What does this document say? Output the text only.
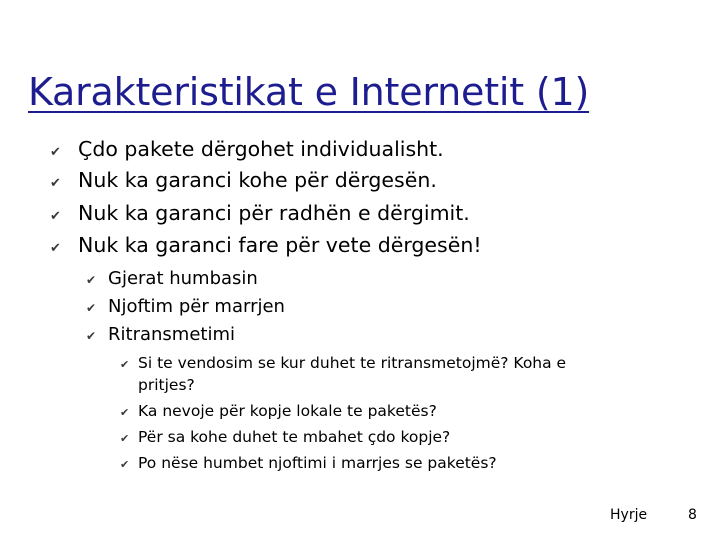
Karakteristikat e Internetit (1)
✔ Çdo pakete dërgohet individualisht.
✔ Nuk ka garanci kohe për dërgesën.
✔ Nuk ka garanci për radhën e dërgimit.
✔ Nuk ka garanci fare për vete dërgesën!
✔ Gjerat humbasin
✔ Njoftim për marrjen
✔ Ritransmetimi
✔ Si te vendosim se kur duhet te ritransmetojmë? Koha e
pritjes?
✔ Ka nevoje për kopje lokale te paketës?
✔ Për sa kohe duhet te mbahet çdo kopje?
✔ Po nëse humbet njoftimi i marrjes se paketës?
Hyrje	8
